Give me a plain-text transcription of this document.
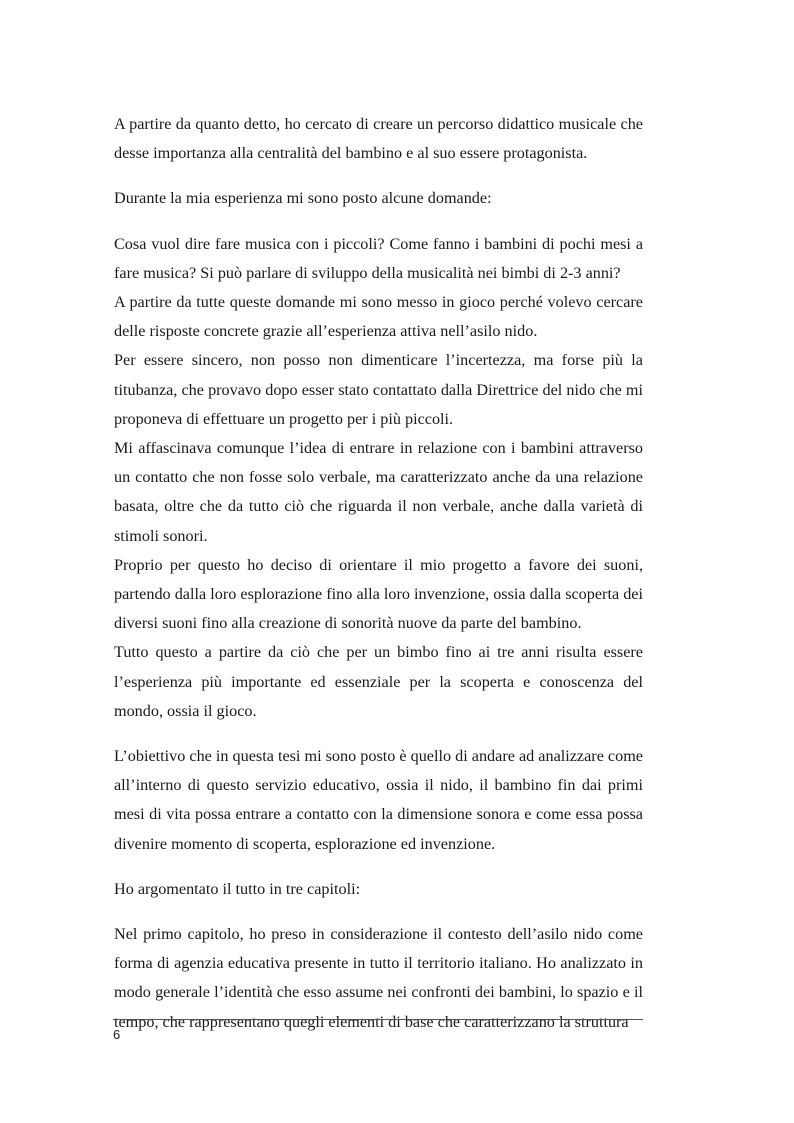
A partire da quanto detto, ho cercato di creare un percorso didattico musicale che desse importanza alla centralità del bambino e al suo essere protagonista.

Durante la mia esperienza mi sono posto alcune domande:

Cosa vuol dire fare musica con i piccoli? Come fanno i bambini di pochi mesi a fare musica? Si può parlare di sviluppo della musicalità nei bimbi di 2-3 anni?

A partire da tutte queste domande mi sono messo in gioco perché volevo cercare delle risposte concrete grazie all’esperienza attiva nell’asilo nido.

Per essere sincero, non posso non dimenticare l’incertezza, ma forse più la titubanza, che provavo dopo esser stato contattato dalla Direttrice del nido che mi proponeva di effettuare un progetto per i più piccoli.

Mi affascinava comunque l’idea di entrare in relazione con i bambini attraverso un contatto che non fosse solo verbale, ma caratterizzato anche da una relazione basata, oltre che da tutto ciò che riguarda il non verbale, anche dalla varietà di stimoli sonori.

Proprio per questo ho deciso di orientare il mio progetto a favore dei suoni, partendo dalla loro esplorazione fino alla loro invenzione, ossia dalla scoperta dei diversi suoni fino alla creazione di sonorità nuove da parte del bambino.

Tutto questo a partire da ciò che per un bimbo fino ai tre anni risulta essere l’esperienza più importante ed essenziale per la scoperta e conoscenza del mondo, ossia il gioco.

L’obiettivo che in questa tesi mi sono posto è quello di andare ad analizzare come all’interno di questo servizio educativo, ossia il nido, il bambino fin dai primi mesi di vita possa entrare a contatto con la dimensione sonora e come essa possa divenire momento di scoperta, esplorazione ed invenzione.

Ho argomentato il tutto in tre capitoli:

Nel primo capitolo, ho preso in considerazione il contesto dell’asilo nido come forma di agenzia educativa presente in tutto il territorio italiano. Ho analizzato in modo generale l’identità che esso assume nei confronti dei bambini, lo spazio e il tempo, che rappresentano quegli elementi di base che caratterizzano la struttura

6
